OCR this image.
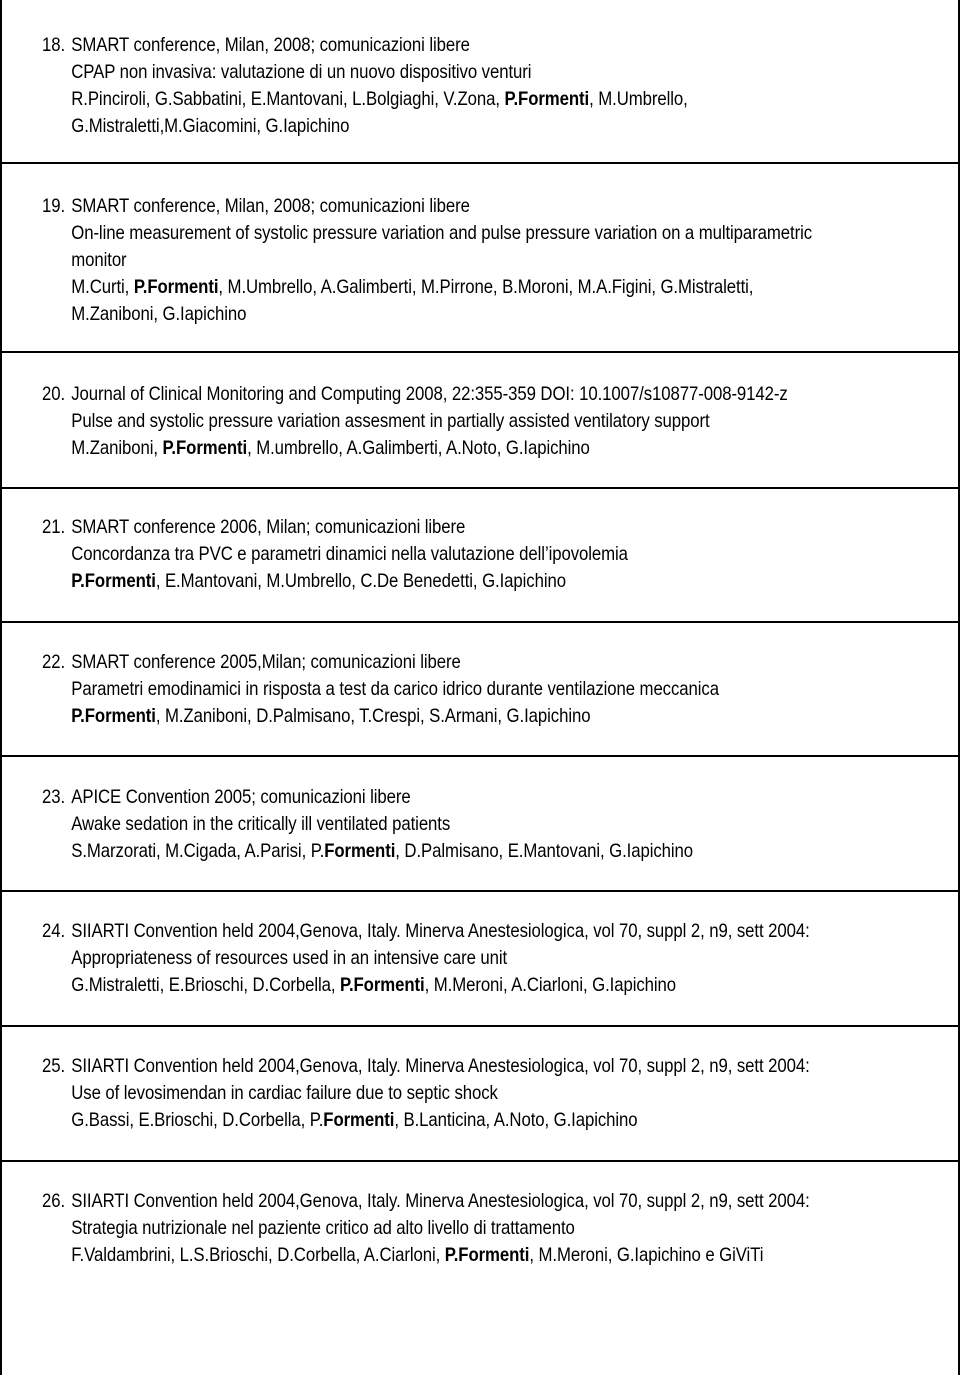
18. SMART conference, Milan, 2008; comunicazioni libere
CPAP non invasiva: valutazione di un nuovo dispositivo venturi
R.Pinciroli, G.Sabbatini, E.Mantovani, L.Bolgiaghi, V.Zona, P.Formenti, M.Umbrello,
G.Mistraletti,M.Giacomini, G.Iapichino
19. SMART conference, Milan, 2008; comunicazioni libere
On-line measurement of systolic pressure variation and pulse pressure variation on a multiparametric
monitor
M.Curti, P.Formenti, M.Umbrello, A.Galimberti, M.Pirrone, B.Moroni, M.A.Figini, G.Mistraletti,
M.Zaniboni, G.Iapichino
20. Journal of Clinical Monitoring and Computing 2008, 22:355-359 DOI: 10.1007/s10877-008-9142-z
Pulse and systolic pressure variation assesment in partially assisted ventilatory support
M.Zaniboni, P.Formenti, M.umbrello, A.Galimberti, A.Noto, G.Iapichino
21. SMART conference 2006, Milan; comunicazioni libere
Concordanza tra PVC e parametri dinamici nella valutazione dell’ipovolemia
P.Formenti, E.Mantovani, M.Umbrello, C.De Benedetti, G.Iapichino
22. SMART conference 2005,Milan; comunicazioni libere
Parametri emodinamici in risposta a test da carico idrico durante ventilazione meccanica
P.Formenti, M.Zaniboni, D.Palmisano, T.Crespi, S.Armani, G.Iapichino
23. APICE Convention 2005; comunicazioni libere
Awake sedation in the critically ill ventilated patients
S.Marzorati, M.Cigada, A.Parisi, P.Formenti, D.Palmisano, E.Mantovani, G.Iapichino
24. SIIARTI Convention held 2004,Genova, Italy. Minerva Anestesiologica, vol 70, suppl 2, n9, sett 2004:
Appropriateness of resources used in an intensive care unit
G.Mistraletti, E.Brioschi, D.Corbella, P.Formenti, M.Meroni, A.Ciarloni, G.Iapichino
25. SIIARTI Convention held 2004,Genova, Italy. Minerva Anestesiologica, vol 70, suppl 2, n9, sett 2004:
Use of levosimendan in cardiac failure due to septic shock
G.Bassi, E.Brioschi, D.Corbella, P.Formenti, B.Lanticina, A.Noto, G.Iapichino
26. SIIARTI Convention held 2004,Genova, Italy. Minerva Anestesiologica, vol 70, suppl 2, n9, sett 2004:
Strategia nutrizionale nel paziente critico ad alto livello di trattamento
F.Valdambrini, L.S.Brioschi, D.Corbella, A.Ciarloni, P.Formenti, M.Meroni, G.Iapichino e GiViTi
